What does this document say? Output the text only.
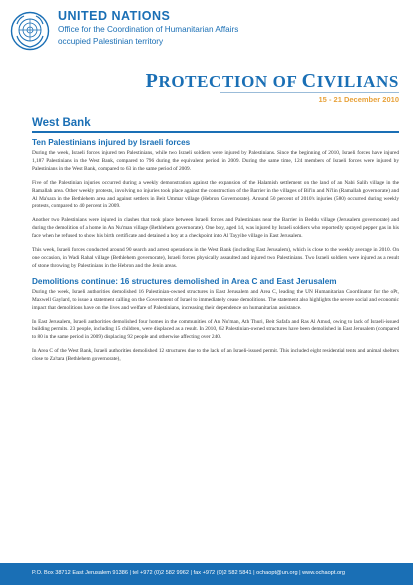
UNITED NATIONS
Office for the Coordination of Humanitarian Affairs
occupied Palestinian territory
PROTECTION OF CIVILIANS
15 - 21 December 2010
West Bank
Ten Palestinians injured by Israeli forces
During the week, Israeli forces injured ten Palestinians, while two Israeli soldiers were injured by Palestinians. Since the beginning of 2010, Israeli forces have injured 1,187 Palestinians in the West Bank, compared to 796 during the equivalent period in 2009. During the same time, 124 members of Israeli forces were injured by Palestinians in the West Bank, compared to 63 in the same period of 2009.
Five of the Palestinian injuries occurred during a weekly demonstration against the expansion of the Halamish settlement on the land of an Nabi Salih village in the Ramallah area. Other weekly protests, involving no injuries took place against the construction of the Barrier in the villages of Bil'in and Ni'lin (Ramallah governorate) and Al Ma'sara in the Bethlehem area and against settlers in Beit Ummar village (Hebron Governorate). Around 50 percent of 2010's injuries (580) occurred during weekly protests, compared to 40 percent in 2009.
Another two Palestinians were injured in clashes that took place between Israeli forces and Palestinians near the Barrier in Beddu village (Jerusalem governorate) and during the demolition of a home in An Nu'man village (Bethlehem governorate). One boy, aged 14, was injured by Israeli soldiers who reportedly sprayed pepper gas in his face when he refused to show his birth certificate and detained a boy at a checkpoint into Al Tayyibe village in East Jerusalem.
This week, Israeli forces conducted around 90 search and arrest operations in the West Bank (including East Jerusalem), which is close to the weekly average in 2010. On one occasion, in Wadi Rahal village (Bethlehem governorate), Israeli forces physically assaulted and injured two Palestinians. Two Israeli soldiers were injured as a result of stone throwing by Palestinians in the Hebron and the Jenin areas.
Demolitions continue: 16 structures demolished in Area C and East Jerusalem
During the week, Israeli authorities demolished 16 Palestinian-owned structures in East Jerusalem and Area C, leading the UN Humanitarian Coordinator for the oPt, Maxwell Gaylard, to issue a statement calling on the Government of Israel to immediately cease demolitions. The statement also highlights the severe social and economic impact that demolitions have on the lives and welfare of Palestinians, increasing their dependence on humanitarian assistance.
In East Jerusalem, Israeli authorities demolished four homes in the communities of An Nu'man, Ath Thuri, Beit Safafa and Ras Al Amud, owing to lack of Israeli-issued building permits. 23 people, including 15 children, were displaced as a result. In 2010, 62 Palestinian-owned structures have been demolished in East Jerusalem (compared to 80 in the same period in 2009) displacing 92 people and otherwise affecting over 240.
In Area C of the West Bank, Israeli authorities demolished 12 structures due to the lack of an Israeli-issued permit. This included eight residential tents and animal shelters close to Za'tara (Bethlehem governorate),
P.O. Box 38712 East Jerusalem 91386 | tel +972 (0)2 582 9962 | fax +972 (0)2 582 5841 | ochaopt@un.org | www.ochaopt.org
